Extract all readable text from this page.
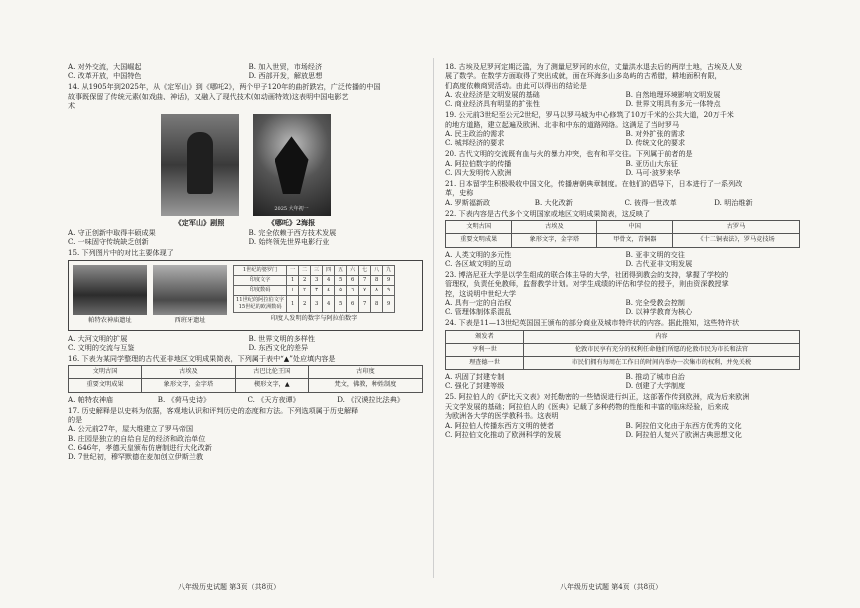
A. 对外交流，大国崛起	B. 加入世贸，市场经济
C. 改革开放，中国特色	D. 西部开发，解放思想
14. 从1905年到2025年，从《定军山》到《哪吒2》，两个甲子120年的曲折跌宕，广泛传播的中国
故事既保留了传统元素(如戏曲、神话)，又融入了现代技术(如动画特效)这表明中国电影艺
术
2025 大年初一
《定军山》剧照	《哪吒》2海报
A. 守正创新中取得丰硕成果	B. 完全依赖于西方技术发展
C. 一味固守传统缺乏创新	D. 始终领先世界电影行业
15. 下列图片中的对比主要体现了
帕特农神庙遗址	西班牙遗址
1世纪的婆罗门	一	二	三	四	五	六	七	八	九
印度文字	1	2	3	4	5	6	7	8	9
印度数码	١	٢	٣	٤	٥	٦	٧	٨	٩
11世纪的阿拉伯文字
15世纪的欧洲数码	1	2	3	4	5	6	7	8	9
印度人发明的数字与阿拉伯数字
A. 大河文明的扩展	B. 世界文明的多样性
C. 文明的交流与互鉴	D. 东西文化的差异
16. 下表为某同学整理的古代亚非地区文明成果简表，下列属于表中“▲”处应填内容是
文明古国	古埃及	古巴比伦王国	古印度
重要文明成果	象形文字，金字塔	楔形文字，▲	梵文，佛教，种姓制度
A. 帕特农神庙	B. 《荷马史诗》	C. 《天方夜谭》	D. 《汉谟拉比法典》
17. 历史解释是以史料为依据，客观地认识和评判历史的态度和方法。下列选项属于历史解释
的是
A. 公元前27年，屋大维建立了罗马帝国
B. 庄园是独立的自给自足的经济和政治单位
C. 646年，孝德天皇颁布仿唐制进行大化改新
D. 7世纪初，穆罕默德在麦加创立伊斯兰教
18. 古埃及尼罗河定期泛滥，为了测量尼罗河的水位，丈量洪水退去后的两岸土地，古埃及人发
展了数学。在数学方面取得了突出成就，面在环海多山多岛屿的古希腊，耕地面积有限，
们高度依赖商贸活动。由此可以得出的结论是
A. 农业经济是文明发展的基础	B. 自然地理环境影响文明发展
C. 商业经济具有明显的扩张性	D. 世界文明具有多元一体特点
19. 公元前3世纪至公元2世纪，罗马以罗马城为中心修筑了10万千米的公共大道，20万千米
的地方道路，建立起遍及欧洲、北非和中东的道路网络。这满足了当时罗马
A. 民主政治的需求	B. 对外扩张的需求
C. 城邦经济的要求	D. 传统文化的要求
20. 古代文明的交流既有血与火的暴力冲突，也有和平交往。下列属于前者的是
A. 阿拉伯数字的传播	B. 亚历山大东征
C. 四大发明传入欧洲	D. 马可·波罗来华
21. 日本留学生积极吸收中国文化，传播唐朝典章制度。在他们的倡导下，日本进行了一系列改
革，史称
A. 罗斯福新政	B. 大化改新	C. 彼得一世改革	D. 明治维新
22. 下表内容是古代多个文明国家或地区文明成果简表，这反映了
文明古国	古埃及	中国	古罗马
重要文明成果	象形文字，金字塔	甲骨文，青铜器	《十二铜表法》，罗马竞技场
A. 人类文明的多元性	B. 亚非文明的交往
C. 各区域文明的互动	D. 古代亚非文明发展
23. 博洛尼亚大学是以学生组成的联合体主导的大学，社团得到教会的支持，掌握了学校的
管理权，负责任免教师，监督教学计划。对学生成绩的评估和学位的授予，则由资深教授掌
控，这说明中世纪大学
A. 具有一定的自治权	B. 完全受教会控制
C. 管理体制体系混乱	D. 以神学教育为核心
24. 下表是11—13世纪英国国王颁布的部分商业及城市特许状的内容。据此推知，这些特许状
颁发者	内容
亨利一世	伦敦市民享有充分的权利任命他们所愿的伦敦市民为市长和法官
理查德一世	市民们拥有每周在工作日的时间内举办一次集市的权利，并免关税
A. 巩固了封建专制	B. 推动了城市自治
C. 强化了封建等级	D. 创建了大学制度
25. 阿拉伯人的《萨比天文表》对托勒密的一些错误进行纠正，这部著作传到欧洲，成为后来欧洲
天文学发展的基础；阿拉伯人的《医典》记载了多种药物的性能和丰富的临床经验，后来成
为欧洲各大学的医学教科书。这表明
A. 阿拉伯人传播东西方文明的使者	B. 阿拉伯文化由于东西方优秀的文化
C. 阿拉伯文化推动了欧洲科学的发展	D. 阿拉伯人复兴了欧洲古典思想文化
八年级历史试题 第3页（共8页）	八年级历史试题 第4页（共8页）
